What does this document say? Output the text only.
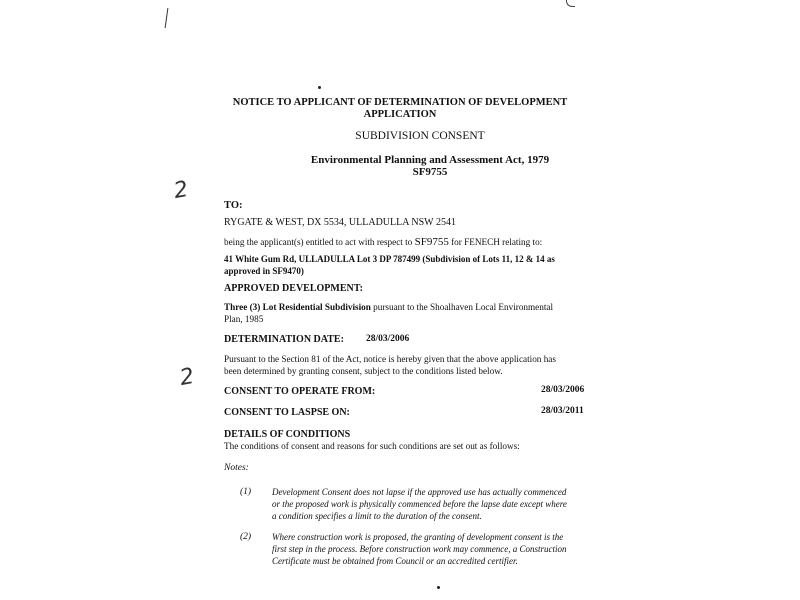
2
2
NOTICE TO APPLICANT OF DETERMINATION OF DEVELOPMENT
APPLICATION
SUBDIVISION CONSENT
Environmental Planning and Assessment Act, 1979
SF9755
TO:
RYGATE & WEST, DX 5534, ULLADULLA NSW 2541
being the applicant(s) entitled to act with respect to SF9755 for FENECH relating to:
41 White Gum Rd, ULLADULLA Lot 3 DP 787499 (Subdivision of Lots 11, 12 & 14 as
approved in SF9470)
APPROVED DEVELOPMENT:
Three (3) Lot Residential Subdivision pursuant to the Shoalhaven Local Environmental
Plan, 1985
DETERMINATION DATE: 28/03/2006
Pursuant to the Section 81 of the Act, notice is hereby given that the above application has
been determined by granting consent, subject to the conditions listed below.
CONSENT TO OPERATE FROM:	28/03/2006
CONSENT TO LASPSE ON:	28/03/2011
DETAILS OF CONDITIONS
The conditions of consent and reasons for such conditions are set out as follows:
Notes:
(1) Development Consent does not lapse if the approved use has actually commenced
or the proposed work is physically commenced before the lapse date except where
a condition specifies a limit to the duration of the consent.
(2) Where construction work is proposed, the granting of development consent is the
first step in the process. Before construction work may commence, a Construction
Certificate must be obtained from Council or an accredited certifier.
